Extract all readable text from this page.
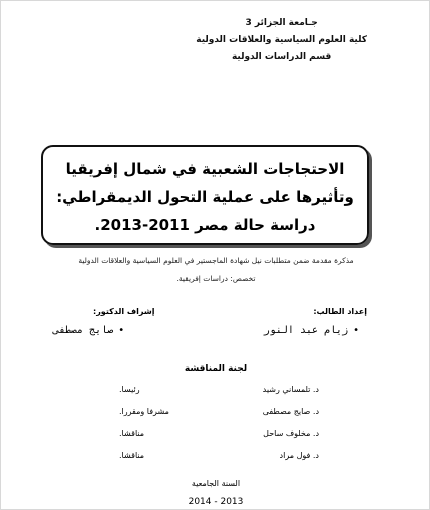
جـامعة الجزائر 3
كلية العلوم السياسية والعلاقات الدولية
قسم الدراسات الدولية
الاحتجاجات الشعبية في شمال إفريقيا
وتأثيرها على عملية التحول الديمقراطي:
دراسة حالة مصر 2011-2013.
مذكرة مقدمة ضمن متطلبات نيل شهادة الماجستير في العلوم السياسية والعلاقات الدولية
تخصص: دراسات إفريقية.
إعداد الطالب:
•زيام عبد النور
إشراف الدكتور:
•صايج مصطفى
لجنة المناقشة
د. تلمساني رشيد
رئيسا.
د. صايج مصطفى
مشرفا ومقررا.
د. مخلوف ساحل
مناقشا.
د. فول مراد
مناقشا.
السنة الجامعية
2014 - 2013
